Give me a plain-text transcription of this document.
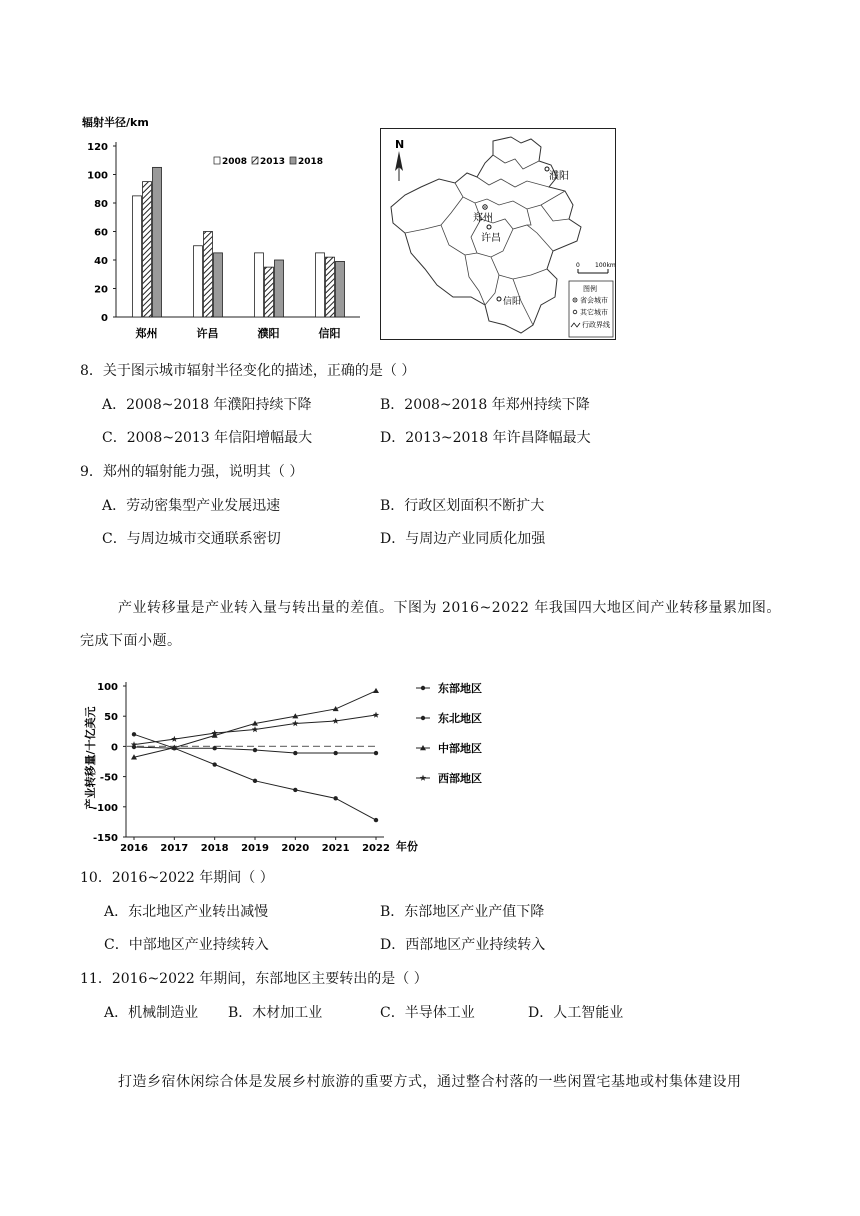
辐射半径/km
0
20
40
60
80
100
120
郑州	许昌	濮阳	信阳
2008 2013 2018
N
郑州
许昌
濮阳
信阳
0	100km
图例
省会城市
其它城市
行政界线
8．关于图示城市辐射半径变化的描述，正确的是（ ）
A．2008~2018 年濮阳持续下降	B．2008~2018 年郑州持续下降
C．2008~2013 年信阳增幅最大	D．2013~2018 年许昌降幅最大
9．郑州的辐射能力强，说明其（ ）
A．劳动密集型产业发展迅速	B．行政区划面积不断扩大
C．与周边城市交通联系密切	D．与周边产业同质化加强
产业转移量是产业转入量与转出量的差值。下图为 2016~2022 年我国四大地区间产业转移量累加图。
完成下面小题。
产业转移量/十亿美元
-150
-100
-50
0
50
100
2016 2017 2018 2019 2020 2021 2022
东部地区
东北地区
中部地区
西部地区
年份
10．2016~2022 年期间（ ）
A．东北地区产业转出减慢	B．东部地区产业产值下降
C．中部地区产业持续转入	D．西部地区产业持续转入
11．2016~2022 年期间，东部地区主要转出的是（ ）
A．机械制造业 B．木材加工业	C．半导体工业	D．人工智能业
打造乡宿休闲综合体是发展乡村旅游的重要方式，通过整合村落的一些闲置宅基地或村集体建设用
